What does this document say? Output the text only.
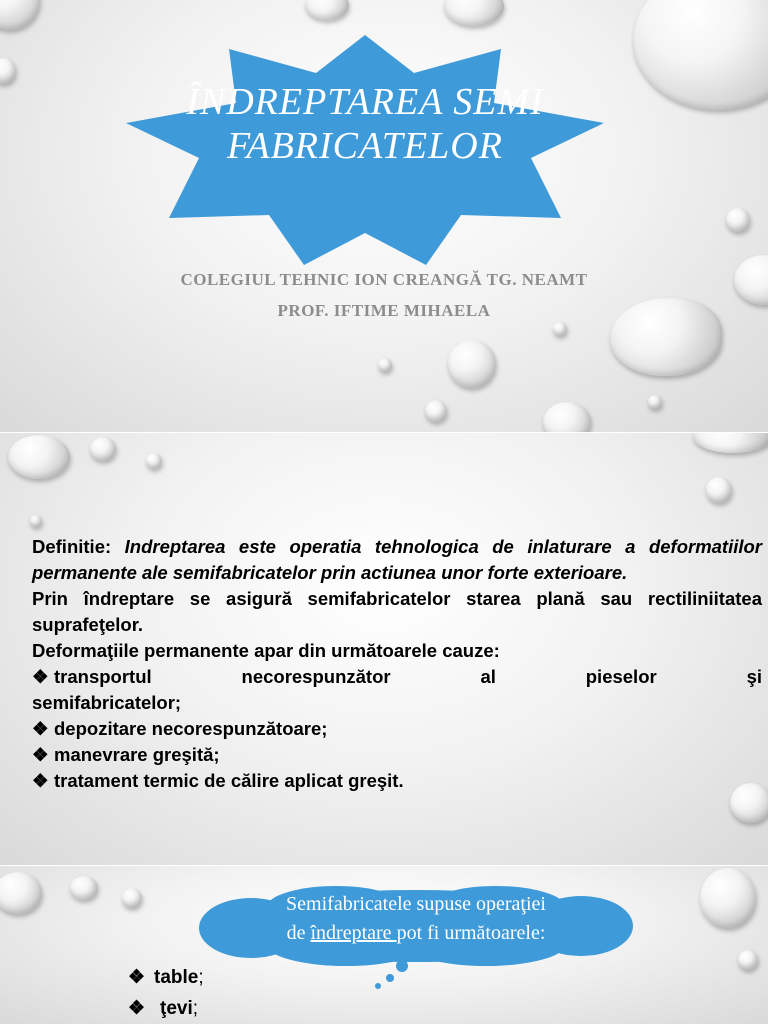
ÎNDREPTAREA SEMIFABRICATELOR
COLEGIUL TEHNIC ION CREANGĂ TG. NEAMT
PROF. IFTIME MIHAELA

Definitie: Indreptarea este operatia tehnologica de inlaturare a deformatiilor permanente ale semifabricatelor prin actiunea unor forte exterioare.

Prin îndreptare se asigură semifabricatelor starea plană sau rectiliniitatea suprafeţelor.

Deformaţiile permanente apar din următoarele cauze:

❖ transportul necorespunzător al pieselor şi

semifabricatelor;

❖ depozitare necorespunzătoare;
❖ manevrare greşită;
❖ tratament termic de călire aplicat greşit.
Semifabricatele supuse operaţiei
de îndreptare pot fi următoarele:
❖ table ;
❖ ţevi ;
